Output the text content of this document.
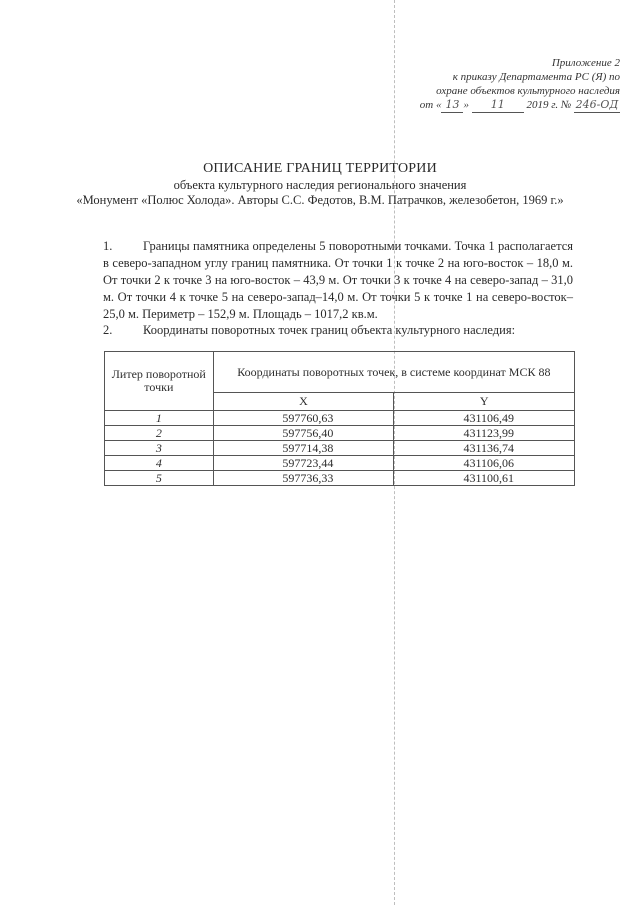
Приложение 2
к приказу Департамента РС (Я) по
охране объектов культурного наследия
от « 13 » 11 2019 г. № 246-ОД
ОПИСАНИЕ ГРАНИЦ ТЕРРИТОРИИ
объекта культурного наследия регионального значения
«Монумент «Полюс Холода». Авторы С.С. Федотов, В.М. Патрачков, железобетон, 1969 г.»
1. Границы памятника определены 5 поворотными точками. Точка 1 располагается в северо-западном углу границ памятника. От точки 1 к точке 2 на юго-восток – 18,0 м. От точки 2 к точке 3 на юго-восток – 43,9 м. От точки 3 к точке 4 на северо-запад – 31,0 м. От точки 4 к точке 5 на северо-запад–14,0 м. От точки 5 к точке 1 на северо-восток–25,0 м. Периметр – 152,9 м. Площадь – 1017,2 кв.м.
2. Координаты поворотных точек границ объекта культурного наследия:
Литер поворотной точки	Координаты поворотных точек, в системе координат МСК 88	
	X	Y
1	597760,63	431106,49
2	597756,40	431123,99
3	597714,38	431136,74
4	597723,44	431106,06
5	597736,33	431100,61
